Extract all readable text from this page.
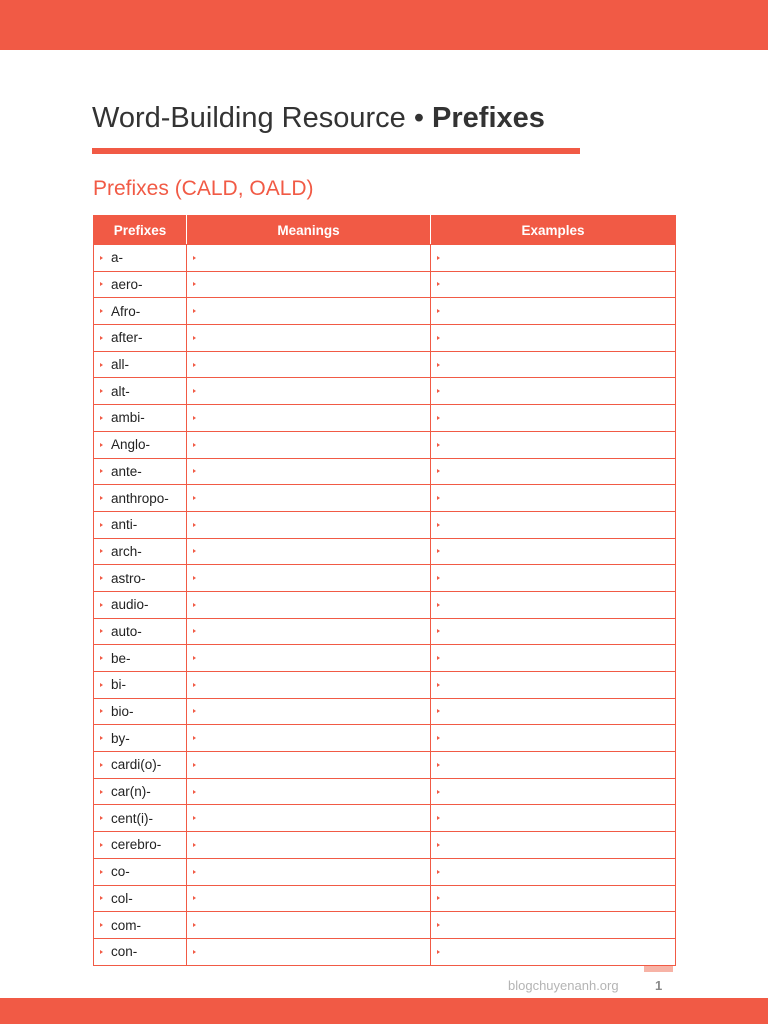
Word-Building Resource • Prefixes
Prefixes (CALD, OALD)
Prefixes	Meanings	Examples
a-		
aero-		
Afro-		
after-		
all-		
alt-		
ambi-		
Anglo-		
ante-		
anthropo-		
anti-		
arch-		
astro-		
audio-		
auto-		
be-		
bi-		
bio-		
by-		
cardi(o)-		
car(n)-		
cent(i)-		
cerebro-		
co-		
col-		
com-		
con-		
blogchuyenanh.org	1
